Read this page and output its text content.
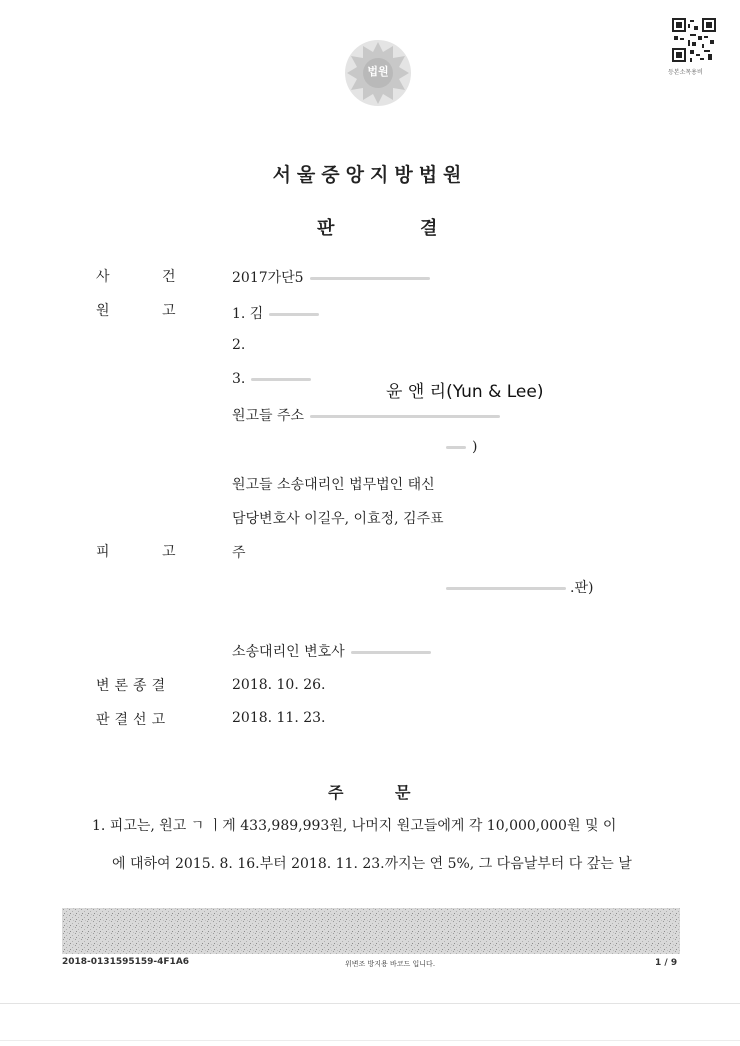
법원	등본소목용비
서울중앙지방법원
판	결
사	건	2017가단5
원	고	1. 김
2.
3.
윤 앤 리(Yun & Lee)
원고들 주소
)
원고들 소송대리인 법무법인 태신
담당변호사 이길우, 이효정, 김주표
피	고	주
.판)
소송대리인 변호사
변론종결	2018. 10. 26.
판결선고	2018. 11. 23.
주	문
1. 피고는, 원고 ㄱ ㅣ게 433,989,993원, 나머지 원고들에게 각 10,000,000원 및 이
에 대하여 2015. 8. 16.부터 2018. 11. 23.까지는 연 5%, 그 다음날부터 다 갚는 날
2018-0131595159-4F1A6	위변조 방지용 바코드 입니다.	1 / 9
